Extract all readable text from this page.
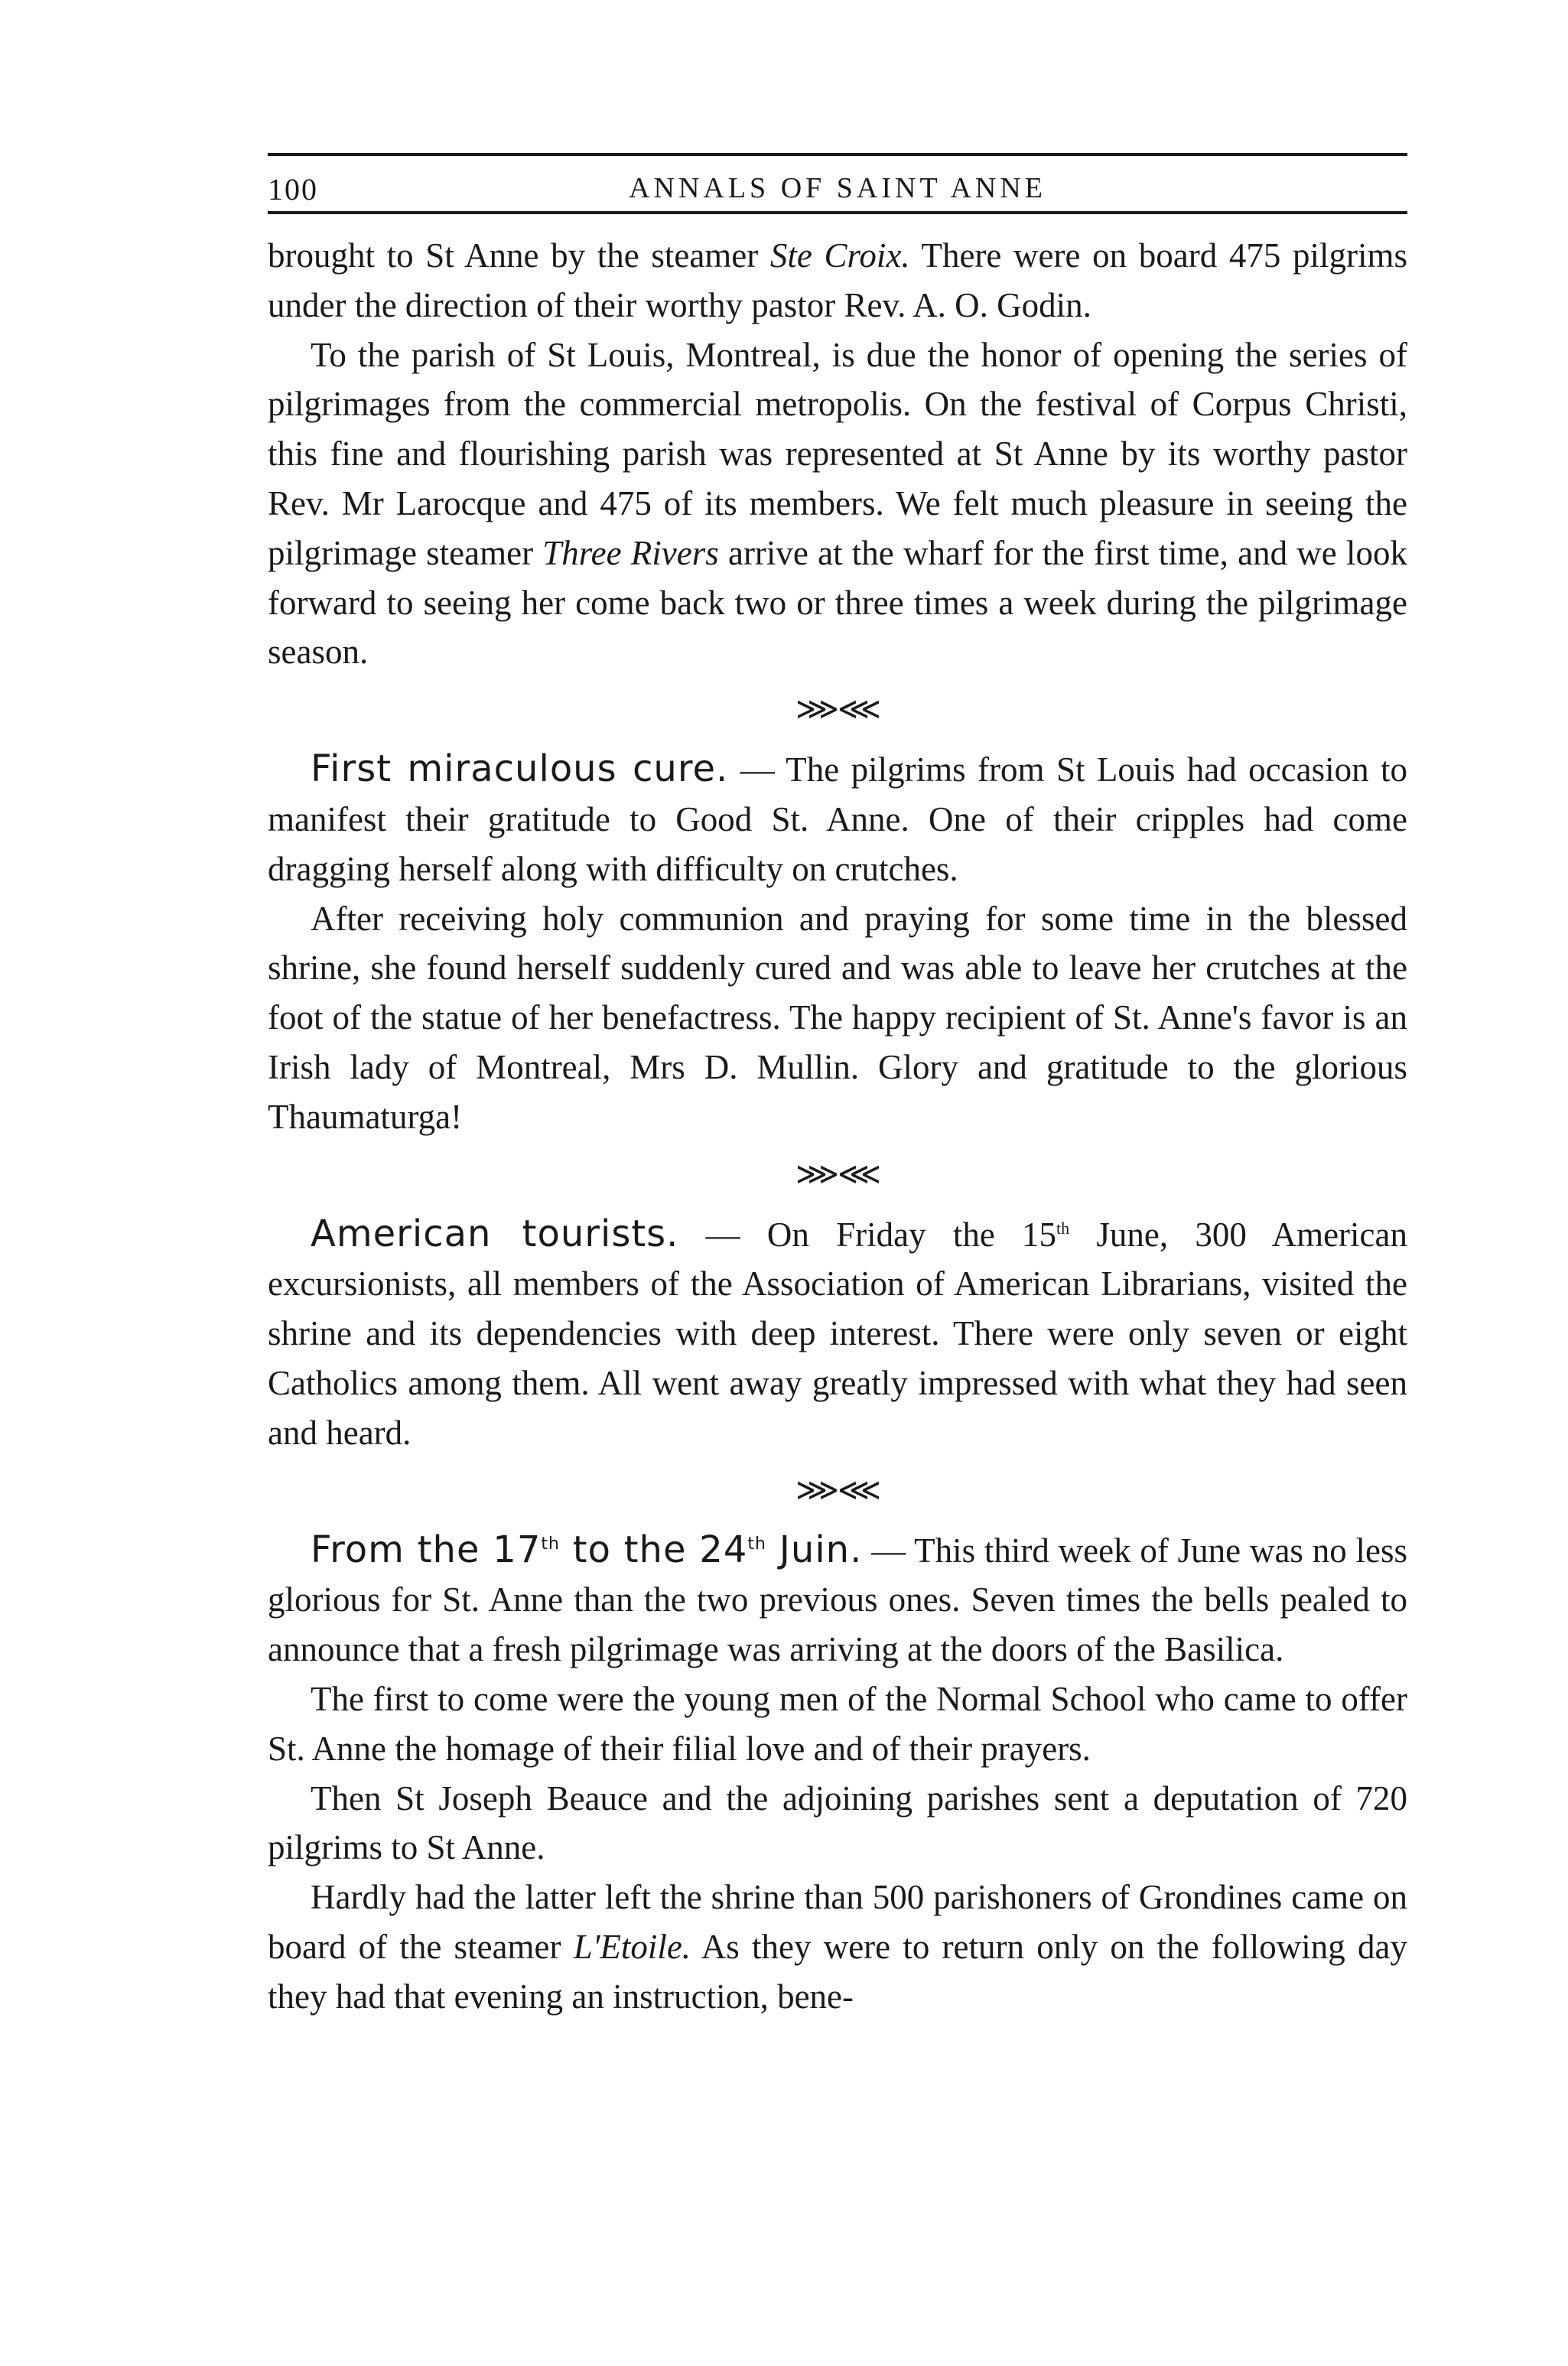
100	ANNALS OF SAINT ANNE

brought to St Anne by the steamer Ste Croix. There were on board 475 pilgrims under the direction of their worthy pastor Rev. A. O. Godin.

To the parish of St Louis, Montreal, is due the honor of opening the series of pilgrimages from the commercial metropolis. On the festival of Corpus Christi, this fine and flourishing parish was represented at St Anne by its worthy pastor Rev. Mr Larocque and 475 of its members. We felt much pleasure in seeing the pilgrimage steamer Three Rivers arrive at the wharf for the first time, and we look forward to seeing her come back two or three times a week during the pilgrimage season.

⋙⋘

First miraculous cure. — The pilgrims from St Louis had occasion to manifest their gratitude to Good St. Anne. One of their cripples had come dragging herself along with difficulty on crutches.

After receiving holy communion and praying for some time in the blessed shrine, she found herself suddenly cured and was able to leave her crutches at the foot of the statue of her benefactress. The happy recipient of St. Anne's favor is an Irish lady of Montreal, Mrs D. Mullin. Glory and gratitude to the glorious Thaumaturga!

⋙⋘

American tourists. — On Friday the 15th June, 300 American excursionists, all members of the Association of American Librarians, visited the shrine and its dependencies with deep interest. There were only seven or eight Catholics among them. All went away greatly impressed with what they had seen and heard.

⋙⋘

From the 17th to the 24th Juin. — This third week of June was no less glorious for St. Anne than the two previous ones. Seven times the bells pealed to announce that a fresh pilgrimage was arriving at the doors of the Basilica.

The first to come were the young men of the Normal School who came to offer St. Anne the homage of their filial love and of their prayers.

Then St Joseph Beauce and the adjoining parishes sent a deputation of 720 pilgrims to St Anne.

Hardly had the latter left the shrine than 500 parishoners of Grondines came on board of the steamer L'Etoile. As they were to return only on the following day they had that evening an instruction, bene-
